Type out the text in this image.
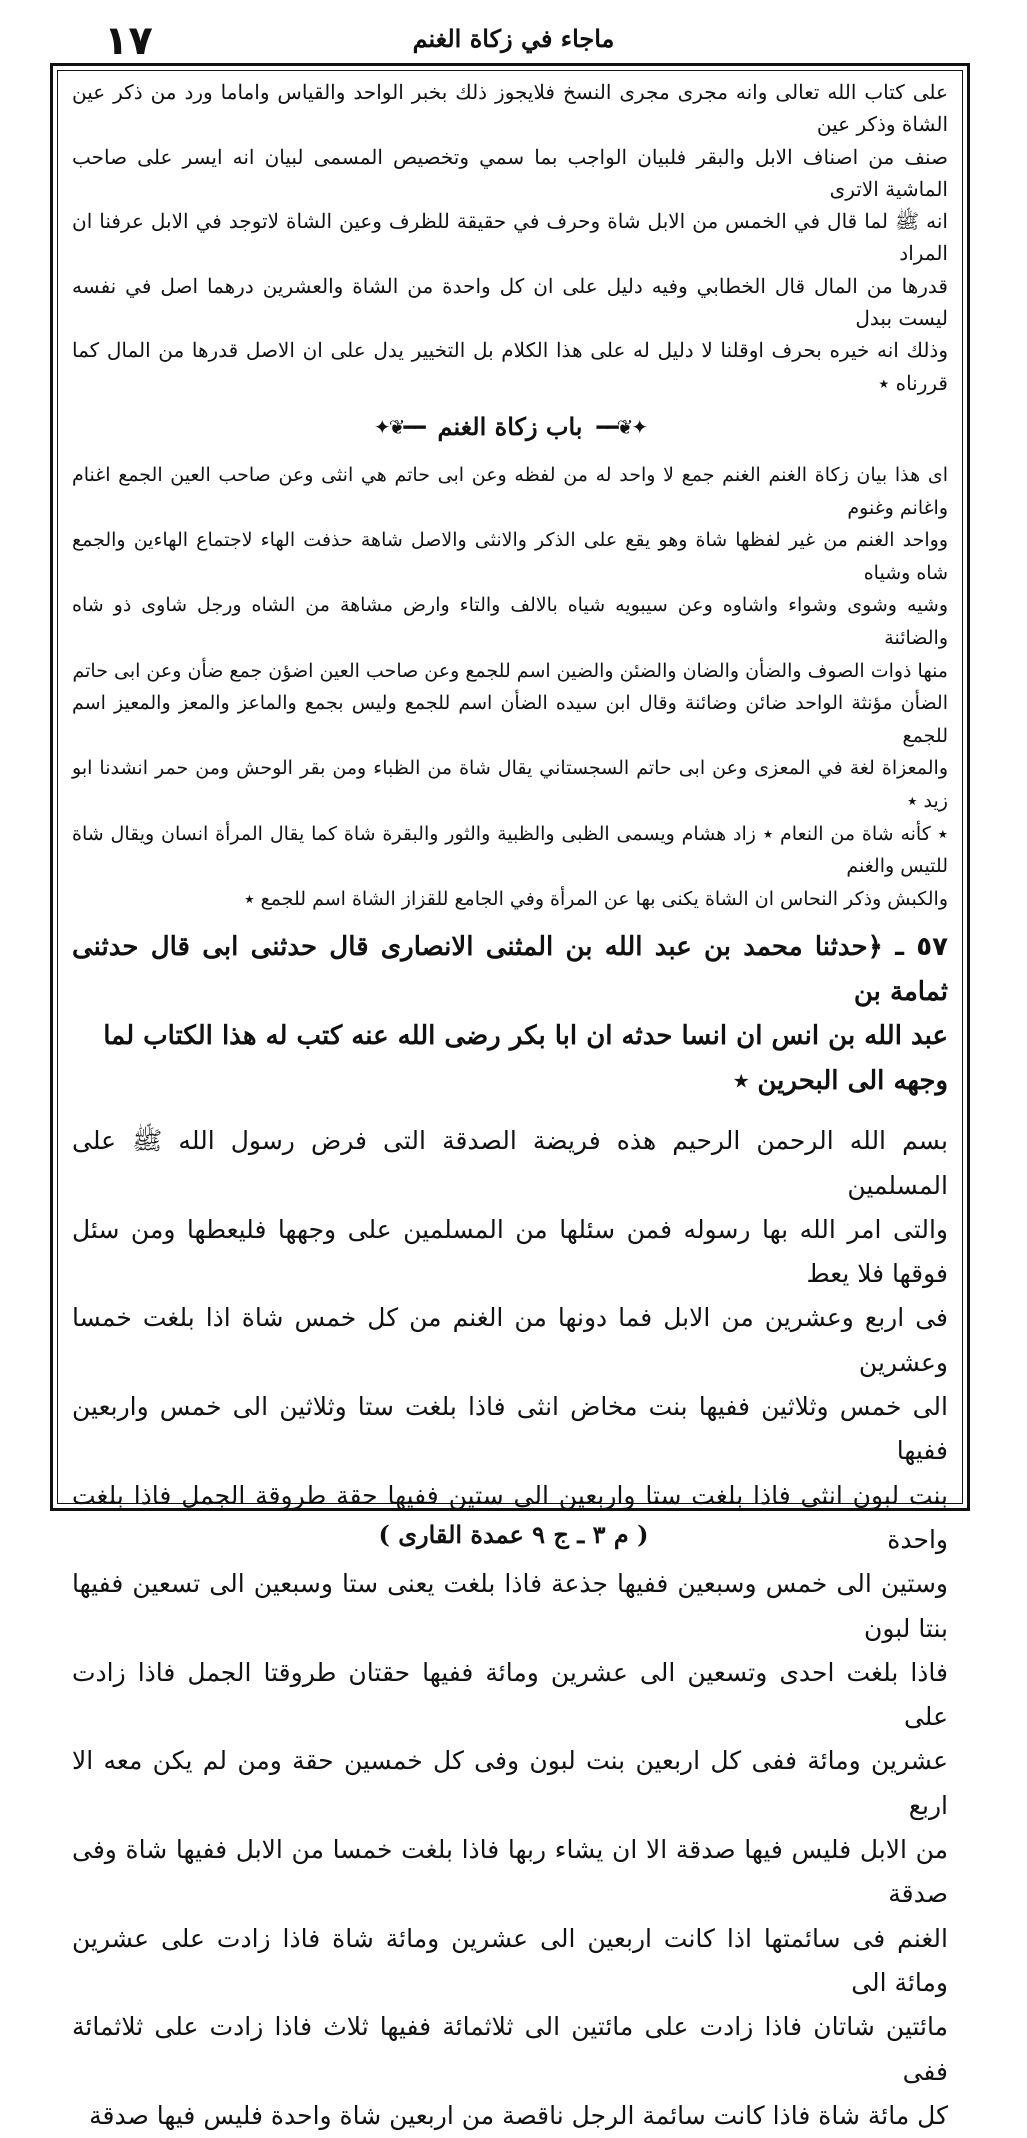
١٧	ماجاء في زكاة الغنم

على كتاب الله تعالى وانه مجرى مجرى النسخ فلايجوز ذلك بخبر الواحد والقياس واماما ورد من ذكر عين الشاة وذكر عين

صنف من اصناف الابل والبقر فلبيان الواجب بما سمي وتخصيص المسمى لبيان انه ايسر على صاحب الماشية الاترى

انه ﷺ لما قال في الخمس من الابل شاة وحرف في حقيقة للظرف وعين الشاة لاتوجد في الابل عرفنا ان المراد

قدرها من المال قال الخطابي وفيه دليل على ان كل واحدة من الشاة والعشرين درهما اصل في نفسه ليست ببدل

وذلك انه خيره بحرف اوقلنا لا دليل له على هذا الكلام بل التخيير يدل على ان الاصل قدرها من المال كما قررناه ٭

✦❦━━
باب زكاة الغنم
━━❦✦

اى هذا بيان زكاة الغنم الغنم جمع لا واحد له من لفظه وعن ابى حاتم هي انثى وعن صاحب العين الجمع اغنام واغانم وغنوم

وواحد الغنم من غير لفظها شاة وهو يقع على الذكر والانثى والاصل شاهة حذفت الهاء لاجتماع الهاءين والجمع شاه وشياه

وشيه وشوى وشواء واشاوه وعن سيبويه شياه بالالف والتاء وارض مشاهة من الشاه ورجل شاوى ذو شاه والضائنة

منها ذوات الصوف والضأن والضان والضئن والضين اسم للجمع وعن صاحب العين اضؤن جمع ضأن وعن ابى حاتم

الضأن مؤنثة الواحد ضائن وضائنة وقال ابن سيده الضأن اسم للجمع وليس بجمع والماعز والمعز والمعيز اسم للجمع

والمعزاة لغة في المعزى وعن ابى حاتم السجستاني يقال شاة من الظباء ومن بقر الوحش ومن حمر انشدنا ابو زيد ٭

٭ كأنه شاة من النعام ٭ زاد هشام ويسمى الظبى والظبية والثور والبقرة شاة كما يقال المرأة انسان ويقال شاة للتيس والغنم

والكبش وذكر النحاس ان الشاة يكنى بها عن المرأة وفي الجامع للقزاز الشاة اسم للجمع ٭

٥٧ ـ ﴿حدثنا محمد بن عبد الله بن المثنى الانصارى قال حدثنى ابى قال حدثنى ثمامة بن

عبد الله بن انس ان انسا حدثه ان ابا بكر رضى الله عنه كتب له هذا الكتاب لما

وجهه الى البحرين ٭

بسم الله الرحمن الرحيم هذه فريضة الصدقة التى فرض رسول الله ﷺ على المسلمين

والتى امر الله بها رسوله فمن سئلها من المسلمين على وجهها فليعطها ومن سئل فوقها فلا يعط

فى اربع وعشرين من الابل فما دونها من الغنم من كل خمس شاة اذا بلغت خمسا وعشرين

الى خمس وثلاثين ففيها بنت مخاض انثى فاذا بلغت ستا وثلاثين الى خمس واربعين ففيها

بنت لبون انثى فاذا بلغت ستا واربعين الى ستين ففيها حقة طروقة الجمل فاذا بلغت واحدة

وستين الى خمس وسبعين ففيها جذعة فاذا بلغت يعنى ستا وسبعين الى تسعين ففيها بنتا لبون

فاذا بلغت احدى وتسعين الى عشرين ومائة ففيها حقتان طروقتا الجمل فاذا زادت على

عشرين ومائة ففى كل اربعين بنت لبون وفى كل خمسين حقة ومن لم يكن معه الا اربع

من الابل فليس فيها صدقة الا ان يشاء ربها فاذا بلغت خمسا من الابل ففيها شاة وفى صدقة

الغنم فى سائمتها اذا كانت اربعين الى عشرين ومائة شاة فاذا زادت على عشرين ومائة الى

مائتين شاتان فاذا زادت على مائتين الى ثلاثمائة ففيها ثلاث فاذا زادت على ثلاثمائة ففى

كل مائة شاة فاذا كانت سائمة الرجل ناقصة من اربعين شاة واحدة فليس فيها صدقة

( م ٣ ـ ج ٩ عمدة القارى )
